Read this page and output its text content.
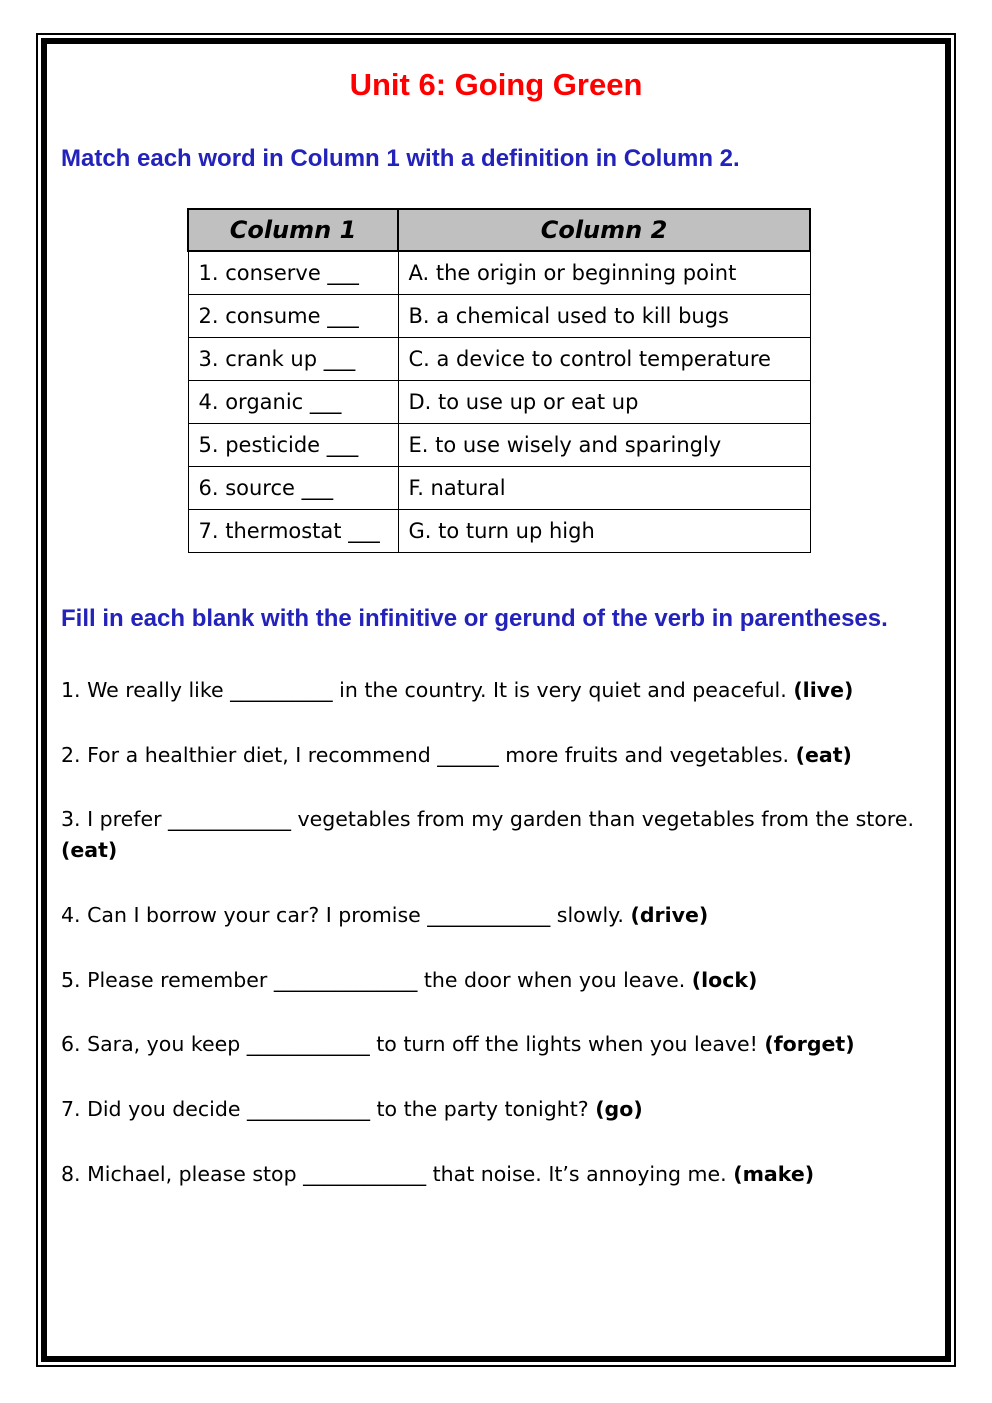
Unit 6: Going Green
Match each word in Column 1 with a definition in Column 2.
Column 1	Column 2
1. conserve ___	A. the origin or beginning point
2. consume ___	B. a chemical used to kill bugs
3. crank up ___	C. a device to control temperature
4. organic ___	D. to use up or eat up
5. pesticide ___	E. to use wisely and sparingly
6. source ___	F. natural
7. thermostat ___	G. to turn up high
Fill in each blank with the infinitive or gerund of the verb in parentheses.

1. We really like __________ in the country. It is very quiet and peaceful. (live)

2. For a healthier diet, I recommend ______ more fruits and vegetables. (eat)

3. I prefer ____________ vegetables from my garden than vegetables from the store. (eat)

4. Can I borrow your car? I promise ____________ slowly. (drive)

5. Please remember ______________ the door when you leave. (lock)

6. Sara, you keep ____________ to turn off the lights when you leave! (forget)

7. Did you decide ____________ to the party tonight? (go)

8. Michael, please stop ____________ that noise. It’s annoying me. (make)
